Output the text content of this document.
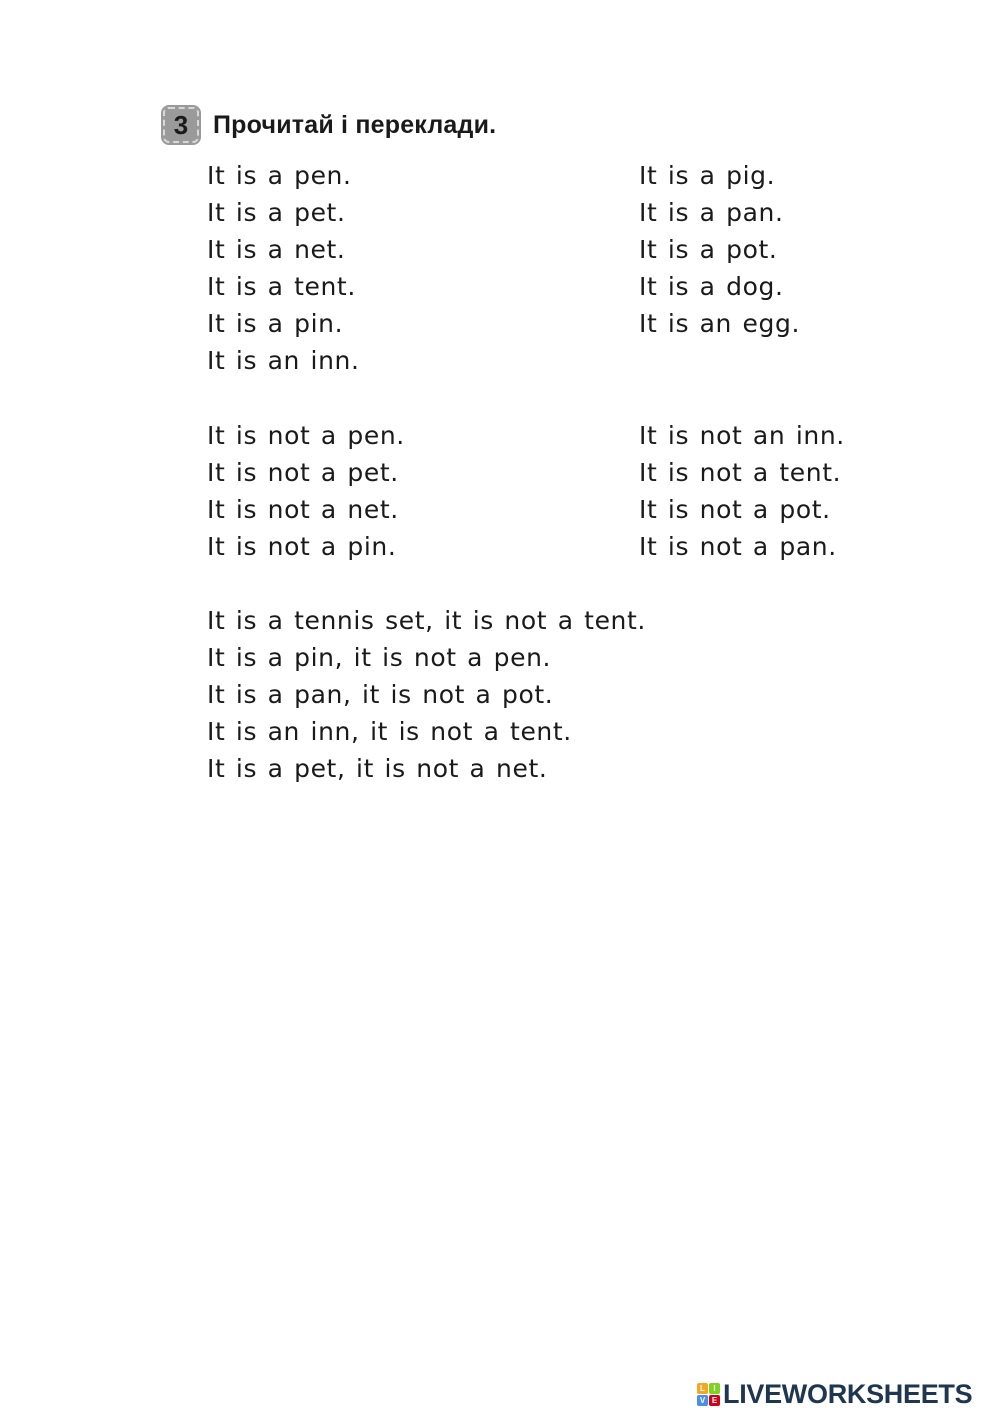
3 Прочитай і переклади.
It is a pen.
It is a pet.
It is a net.
It is a tent.
It is a pin.
It is an inn.
It is a pig.
It is a pan.
It is a pot.
It is a dog.
It is an egg.
It is not a pen.
It is not a pet.
It is not a net.
It is not a pin.
It is not an inn.
It is not a tent.
It is not a pot.
It is not a pan.
It is a tennis set, it is not a tent.
It is a pin, it is not a pen.
It is a pan, it is not a pot.
It is an inn, it is not a tent.
It is a pet, it is not a net.
L	I
V E LIVEWORKSHEETS
